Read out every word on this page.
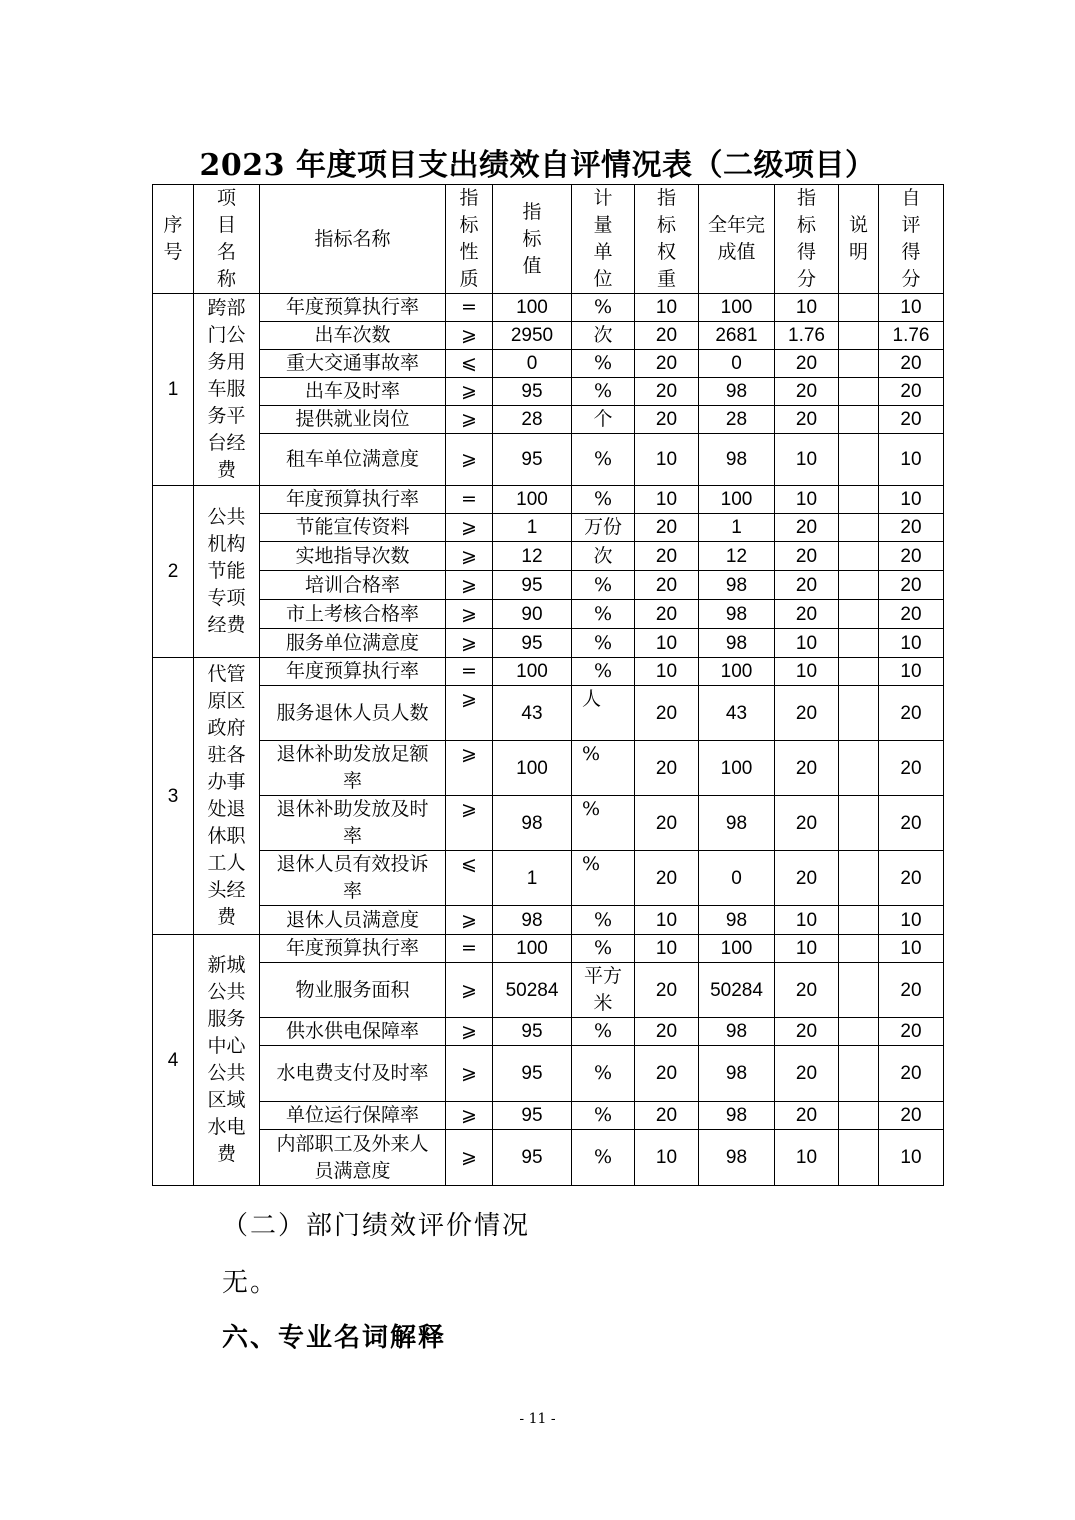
2023 年度项目支出绩效自评情况表（二级项目）
序号	项目名称	指标名称	指标性质	指标值	计量单位	指标权重	全年完成值	指标得分	说明	自评得分
1	跨部门公务用车服务平台经费	年度预算执行率	=	100	%	10	100	10		10
		出车次数	⩾	2950	次	20	2681	1.76		1.76
		重大交通事故率	⩽	0	%	20	0	20		20
		出车及时率	⩾	95	%	20	98	20		20
		提供就业岗位	⩾	28	个	20	28	20		20
		租车单位满意度	⩾	95	%	10	98	10		10
2	公共机构节能专项经费	年度预算执行率	=	100	%	10	100	10		10
		节能宣传资料	⩾	1	万份	20	1	20		20
		实地指导次数	⩾	12	次	20	12	20		20
		培训合格率	⩾	95	%	20	98	20		20
		市上考核合格率	⩾	90	%	20	98	20		20
		服务单位满意度	⩾	95	%	10	98	10		10
3	代管原区政府驻各办事处退休职工人头经费	年度预算执行率	=	100	%	10	100	10		10
		服务退休人员人数	⩾	43	人	20	43	20		20
		退休补助发放足额率	⩾	100	%	20	100	20		20
		退休补助发放及时率	⩾	98	%	20	98	20		20
		退休人员有效投诉率	⩽	1	%	20	0	20		20
		退休人员满意度	⩾	98	%	10	98	10		10
4	新城公共服务中心公共区域水电费	年度预算执行率	=	100	%	10	100	10		10
		物业服务面积	⩾	50284	平方米	20	50284	20		20
		供水供电保障率	⩾	95	%	20	98	20		20
		水电费支付及时率	⩾	95	%	20	98	20		20
		单位运行保障率	⩾	95	%	20	98	20		20
		内部职工及外来人员满意度	⩾	95	%	10	98	10		10
（二）部门绩效评价情况
无。
六、专业名词解释
- 11 -
